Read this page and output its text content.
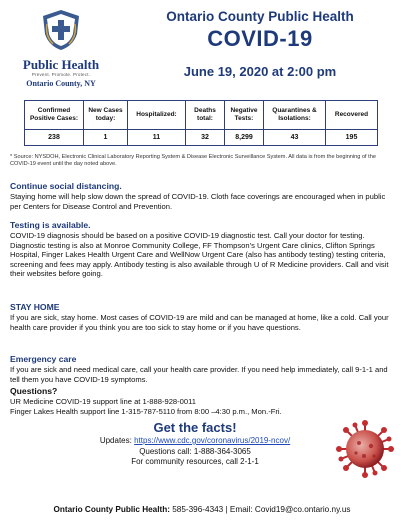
Public Health
Prevent. Promote. Protect.
Ontario County, NY
Ontario County Public Health
COVID-19
June 19, 2020 at 2:00 pm
Confirmed Positive Cases:	New Cases today:	Hospitalized:	Deaths total:	Negative Tests:	Quarantines & Isolations:	Recovered
238	1	11	32	8,299	43	195
* Source: NYSDOH, Electronic Clinical Laboratory Reporting System & Disease Electronic Surveillance System. All data is from the beginning of the COVID-19 event until the day noted above.
Continue social distancing.

Staying home will help slow down the spread of COVID-19. Cloth face coverings are encouraged when in public per Centers for Disease Control and Prevention.

Testing is available.

COVID-19 diagnosis should be based on a positive COVID-19 diagnostic test. Call your doctor for testing. Diagnostic testing is also at Monroe Community College, FF Thompson’s Urgent Care clinics, Clifton Springs Hospital, Finger Lakes Health Urgent Care and WellNow Urgent Care (also has antibody testing) testing criteria, screening and fees may apply. Antibody testing is also available through U of R Medicine providers. Call and visit their websites before going.

STAY HOME

If you are sick, stay home. Most cases of COVID-19 are mild and can be managed at home, like a cold. Call your health care provider if you think you are too sick to stay home or if you have questions.

Emergency care

If you are sick and need medical care, call your health care provider. If you need help immediately, call 9-1-1 and tell them you have COVID-19 symptoms.

Questions?

UR Medicine COVID-19 support line at 1-888-928-0011

Finger Lakes Health support line 1-315-787-5110 from 8:00 –4:30 p.m., Mon.-Fri.

Get the facts!
Updates: https://www.cdc.gov/coronavirus/2019-ncov/
Questions call: 1-888-364-3065
For community resources, call 2-1-1
Ontario County Public Health: 585-396-4343 | Email: Covid19@co.ontario.ny.us
